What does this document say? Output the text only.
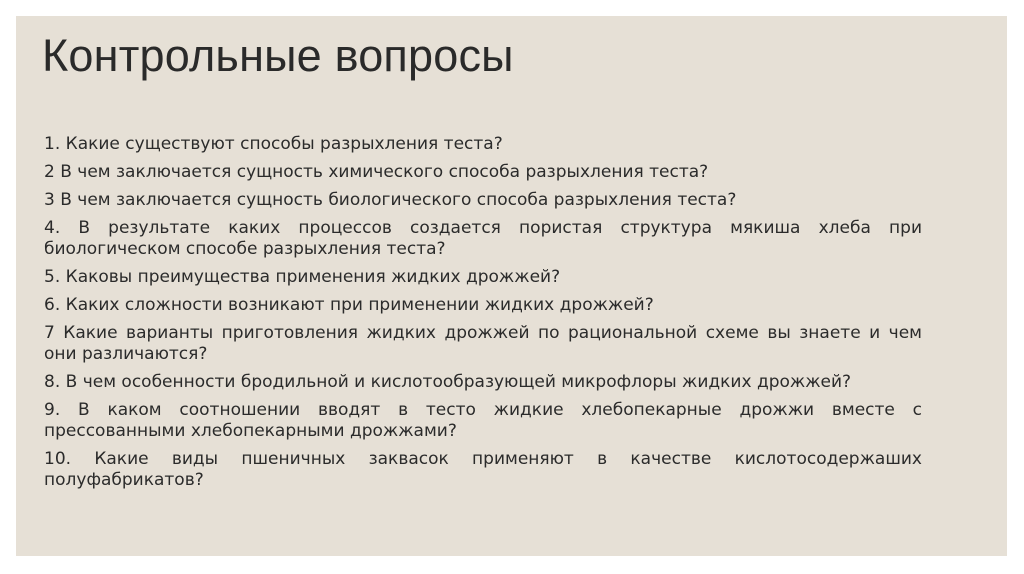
Контрольные вопросы
1. Какие существуют способы разрыхления теста?
2 В чем заключается сущность химического способа разрыхления теста?
3 В чем заключается сущность биологического способа разрыхления теста?
4. В результате каких процессов создается пористая структура мякиша хлеба при биологическом способе разрыхления теста?
5. Каковы преимущества применения жидких дрожжей?
6. Каких сложности возникают при применении жидких дрожжей?
7 Какие варианты приготовления жидких дрожжей по рациональной схеме вы знаете и чем они различаются?
8. В чем особенности бродильной и кислотообразующей микрофлоры жидких дрожжей?
9. В каком соотношении вводят в тесто жидкие хлебопекарные дрожжи вместе с прессованными хлебопекарными дрожжами?
10. Какие виды пшеничных заквасок применяют в качестве кислотосодержаших полуфабрикатов?
